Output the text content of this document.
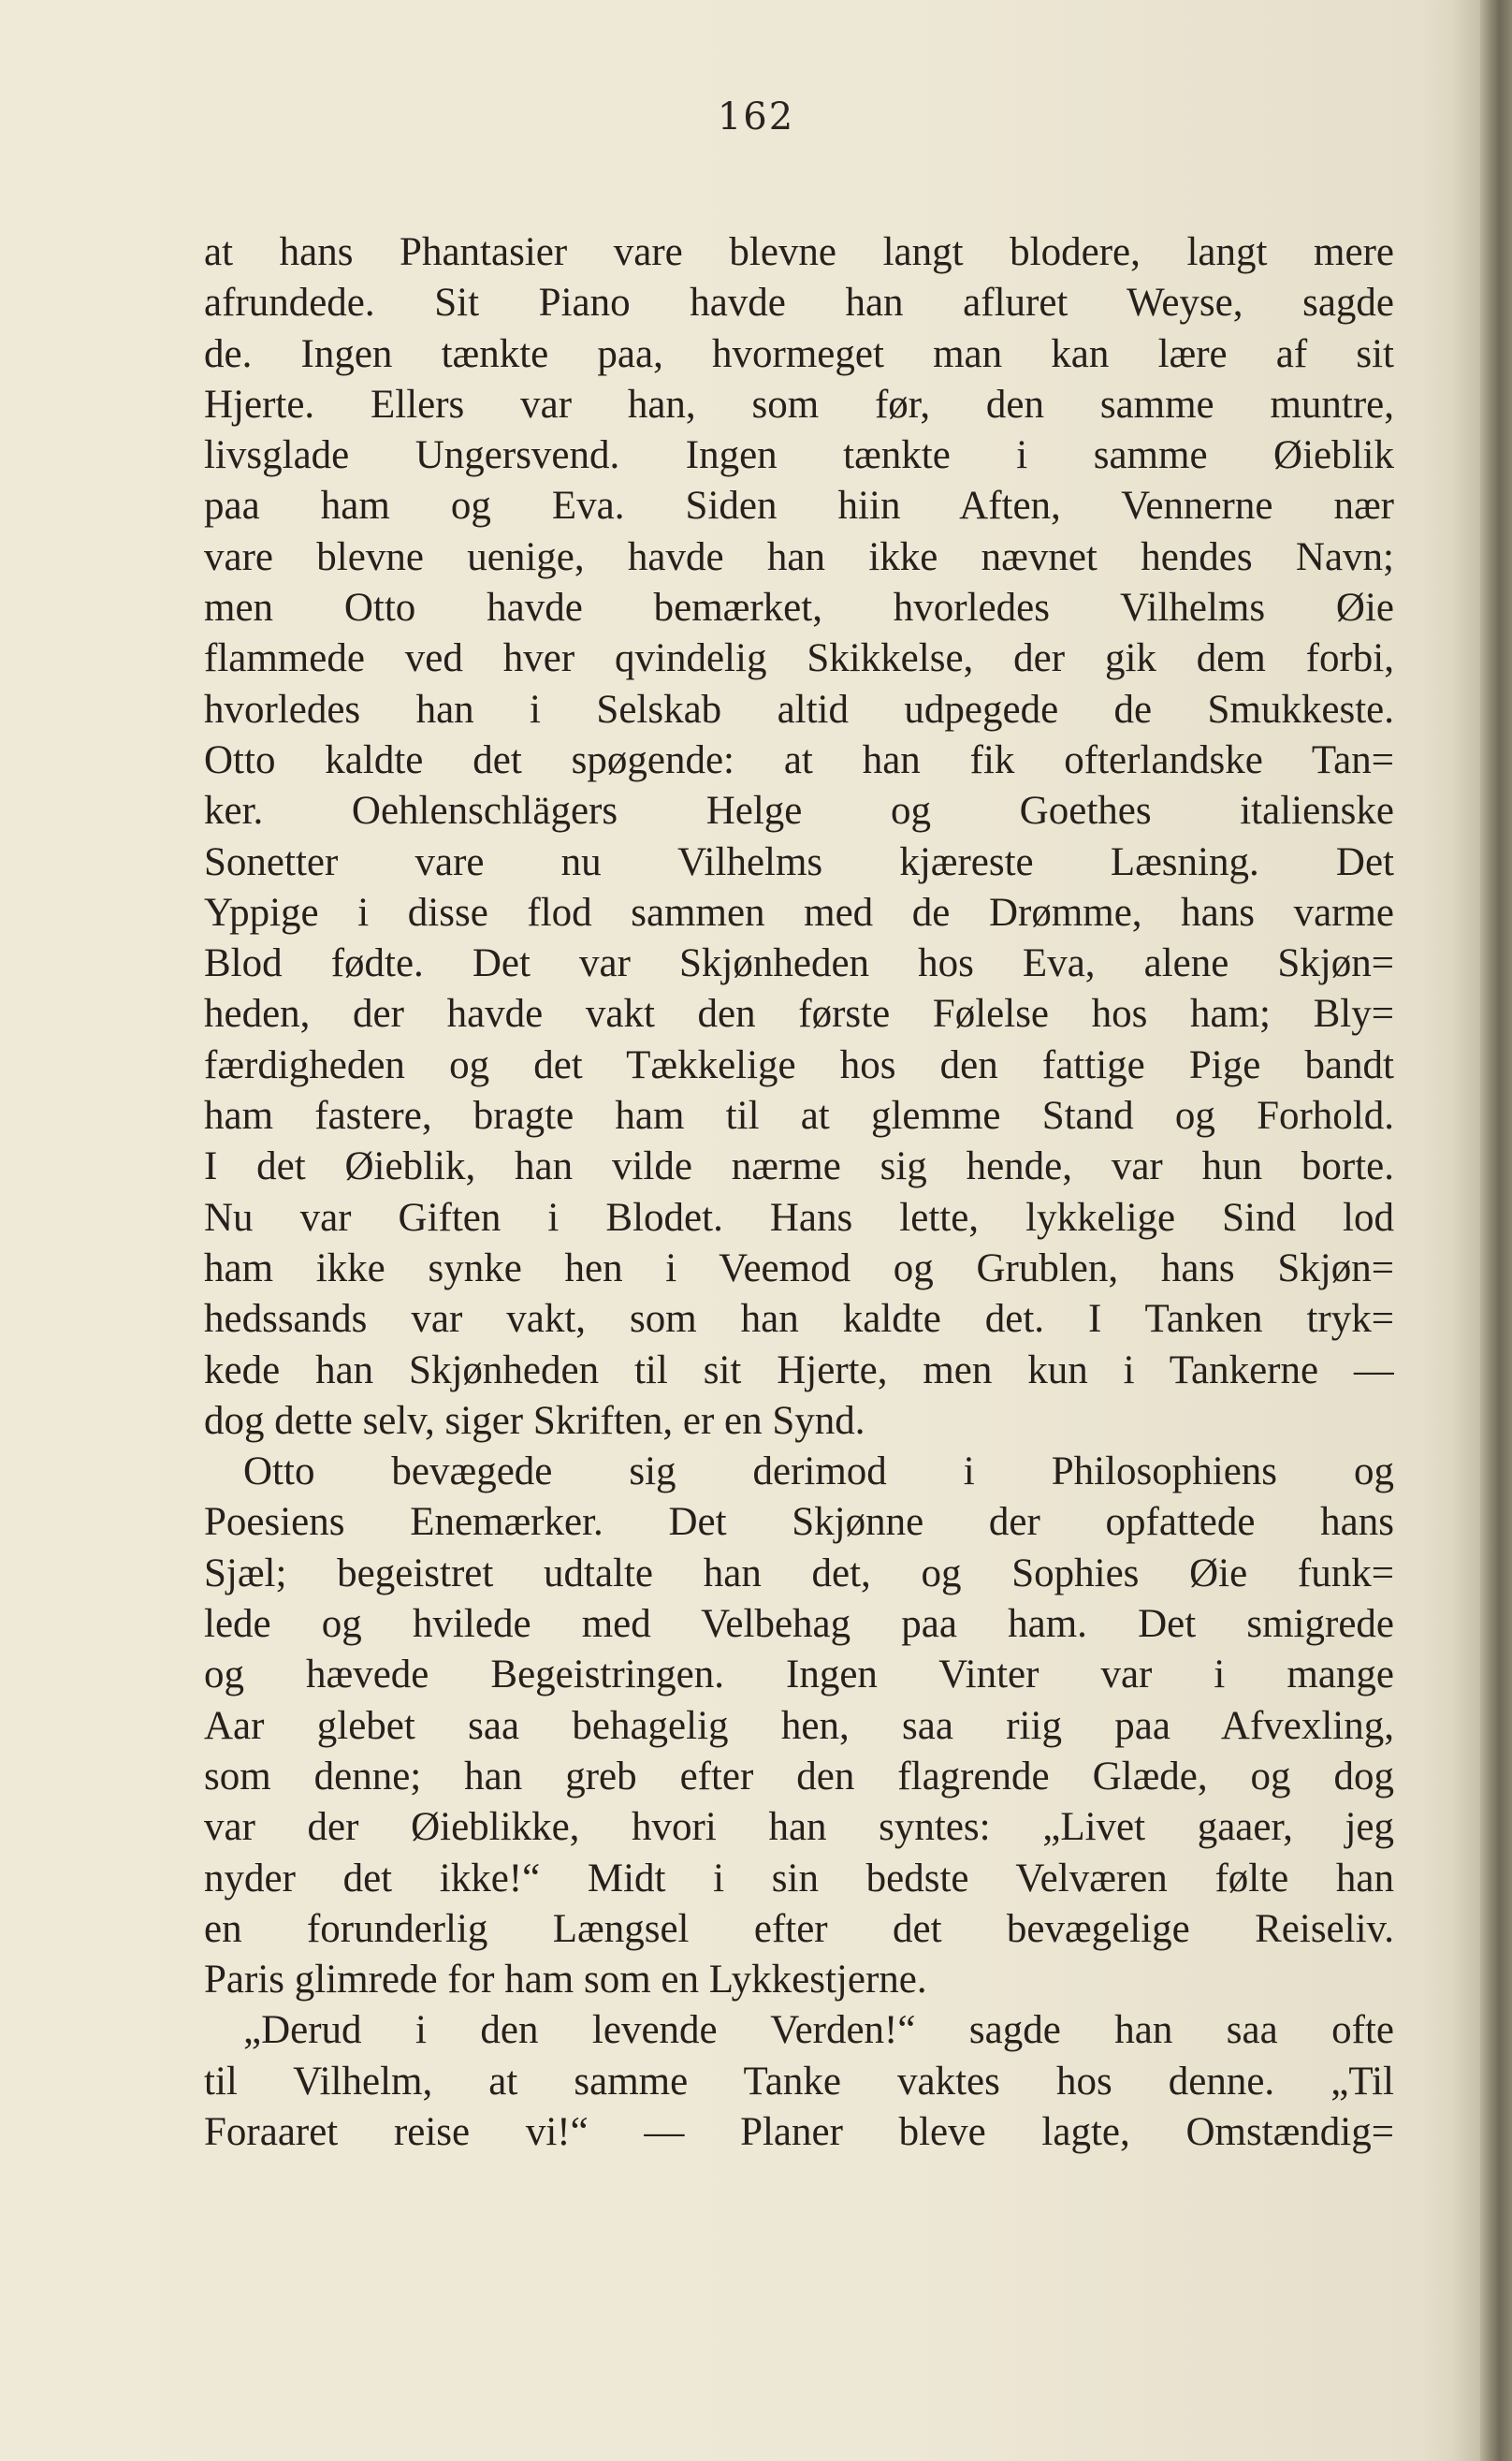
162
at hans Phantasier vare blevne langt blodere, langt mere
afrundede. Sit Piano havde han afluret Weyse, sagde
de. Ingen tænkte paa, hvormeget man kan lære af sit
Hjerte. Ellers var han, som før, den samme muntre,
livsglade Ungersvend. Ingen tænkte i samme Øieblik
paa ham og Eva. Siden hiin Aften, Vennerne nær
vare blevne uenige, havde han ikke nævnet hendes Navn;
men Otto havde bemærket, hvorledes Vilhelms Øie
flammede ved hver qvindelig Skikkelse, der gik dem forbi,
hvorledes han i Selskab altid udpegede de Smukkeste.
Otto kaldte det spøgende: at han fik ofterlandske Tan=
ker. Oehlenschlägers Helge og Goethes italienske
Sonetter vare nu Vilhelms kjæreste Læsning. Det
Yppige i disse flod sammen med de Drømme, hans varme
Blod fødte. Det var Skjønheden hos Eva, alene Skjøn=
heden, der havde vakt den første Følelse hos ham; Bly=
færdigheden og det Tækkelige hos den fattige Pige bandt
ham fastere, bragte ham til at glemme Stand og Forhold.
I det Øieblik, han vilde nærme sig hende, var hun borte.
Nu var Giften i Blodet. Hans lette, lykkelige Sind lod
ham ikke synke hen i Veemod og Grublen, hans Skjøn=
hedssands var vakt, som han kaldte det. I Tanken tryk=
kede han Skjønheden til sit Hjerte, men kun i Tankerne —
dog dette selv, siger Skriften, er en Synd.
Otto bevægede sig derimod i Philosophiens og
Poesiens Enemærker. Det Skjønne der opfattede hans
Sjæl; begeistret udtalte han det, og Sophies Øie funk=
lede og hvilede med Velbehag paa ham. Det smigrede
og hævede Begeistringen. Ingen Vinter var i mange
Aar glebet saa behagelig hen, saa riig paa Afvexling,
som denne; han greb efter den flagrende Glæde, og dog
var der Øieblikke, hvori han syntes: „Livet gaaer, jeg
nyder det ikke!“ Midt i sin bedste Velværen følte han
en forunderlig Længsel efter det bevægelige Reiseliv.
Paris glimrede for ham som en Lykkestjerne.
„Derud i den levende Verden!“ sagde han saa ofte
til Vilhelm, at samme Tanke vaktes hos denne. „Til
Foraaret reise vi!“ — Planer bleve lagte, Omstændig=
